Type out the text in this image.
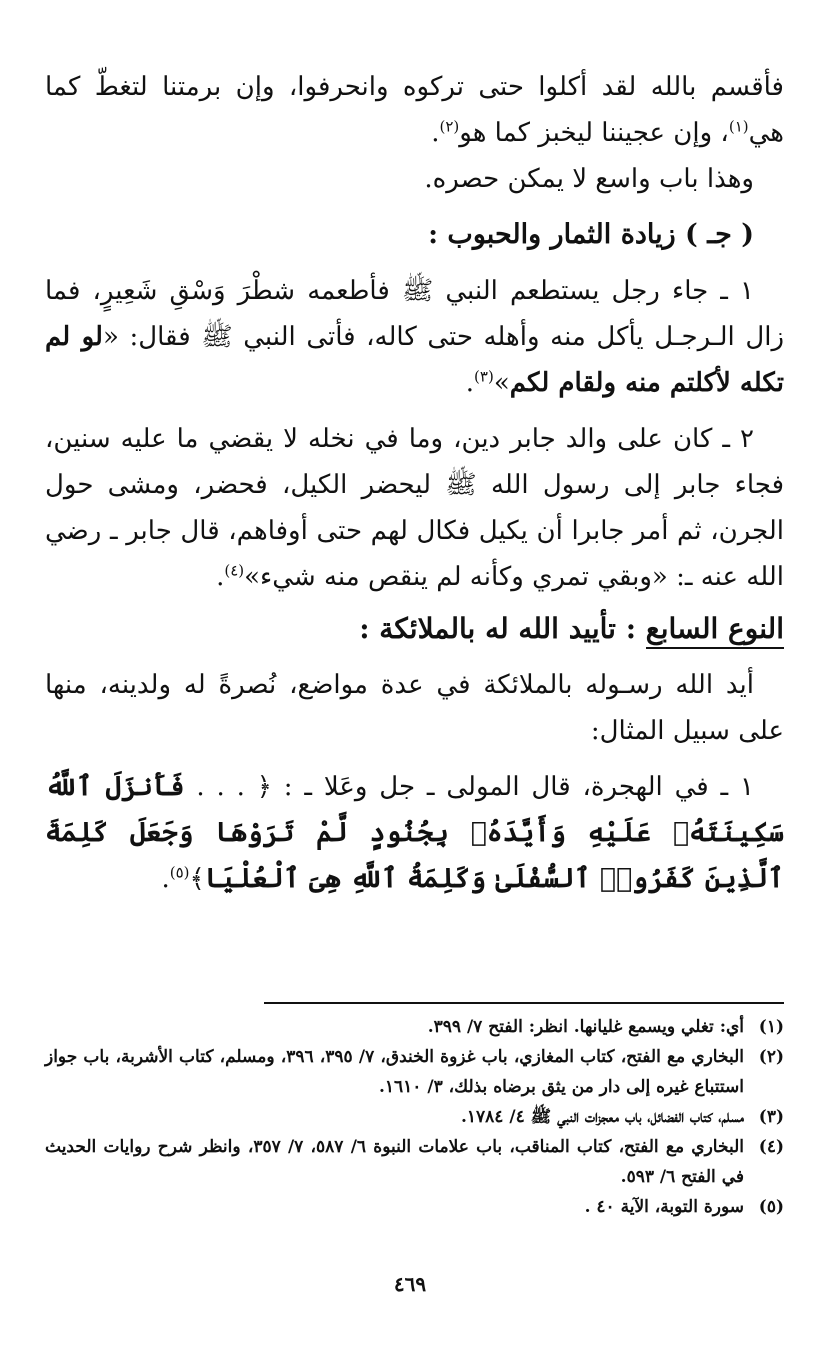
فأقسم بالله لقد أكلوا حتى تركوه وانحرفوا، وإن برمتنا لتغطّ كما هي$^{(١)}$، وإن عجيننا ليخبز كما هو$^{(٢)}$.

وهذا باب واسع لا يمكن حصره.

( جـ ) زيادة الثمار والحبوب :

١ ـ جاء رجل يستطعم النبي ﷺ فأطعمه شطْرَ وَسْقِ شَعِيرٍ، فما زال الـرجـل يأكل منه وأهله حتى كاله، فأتى النبي ﷺ فقال: «لو لم تكله لأكلتم منه ولقام لكم»$^{(٣)}$.

٢ ـ كان على والد جابر دين، وما في نخله لا يقضي ما عليه سنين، فجاء جابر إلى رسول الله ﷺ ليحضر الكيل، فحضر، ومشى حول الجرن، ثم أمر جابرا أن يكيل فكال لهم حتى أوفاهم، قال جابر ـ رضي الله عنه ـ: «وبقي تمري وكأنه لم ينقص منه شيء»$^{(٤)}$.

النوع السابع : تأييد الله له بالملائكة :

أيد الله رسـوله بالملائكة في عدة مواضع، نُصرةً له ولدينه، منها على سبيل المثال:

١ ـ في الهجرة، قال المولى ـ جل وعَلا ـ : ﴿ . . . فَأَنزَلَ ٱللَّهُ سَكِينَتَهُۥ عَلَيْهِ وَأَيَّدَهُۥ بِجُنُودٍ لَّمْ تَرَوْهَا وَجَعَلَ كَلِمَةَ ٱلَّذِينَ كَفَرُوا۟ ٱلسُّفْلَىٰ وَكَلِمَةُ ٱللَّهِ هِىَ ٱلْعُلْيَا﴾$^{(٥)}$.

(١)
أي: تغلي ويسمع غليانها. انظر: الفتح ٧/ ٣٩٩.
(٢)
البخاري مع الفتح، كتاب المغازي، باب غزوة الخندق، ٧/ ٣٩٥، ٣٩٦، ومسلم، كتاب الأشربة، باب جواز استتباع غيره إلى دار من يثق برضاه بذلك، ٣/ ١٦١٠.
(٣)
مسلم، كتاب الفضائل، باب معجزات النبي ﷺ ٤/ ١٧٨٤.
(٤)
البخاري مع الفتح، كتاب المناقب، باب علامات النبوة ٦/ ٥٨٧، ٧/ ٣٥٧، وانظر شرح روايات الحديث في الفتح ٦/ ٥٩٣.
(٥)
سورة التوبة، الآية ٤٠ .
٤٦٩
